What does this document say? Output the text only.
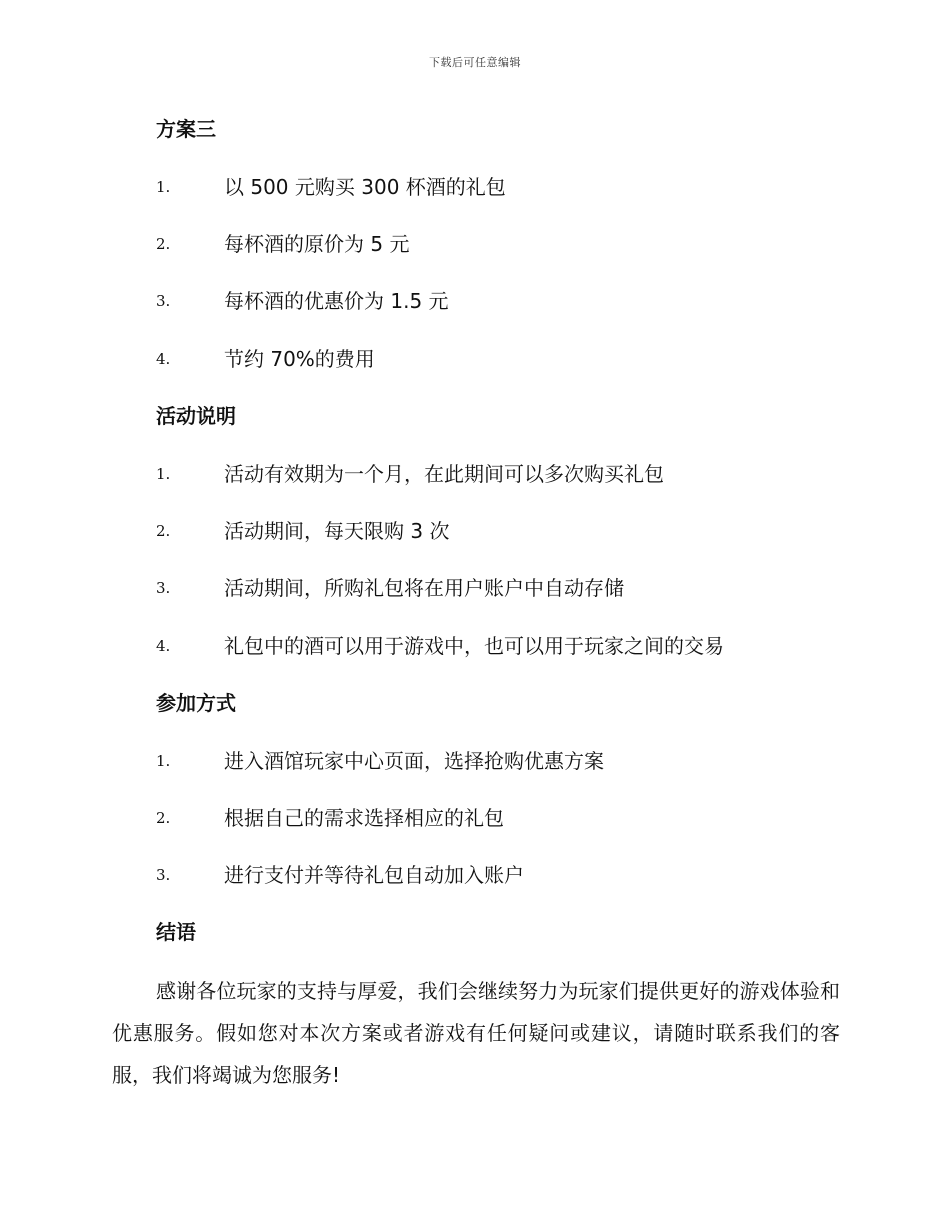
下载后可任意编辑
方案三
1.	以 500 元购买 300 杯酒的礼包
2.	每杯酒的原价为 5 元
3.	每杯酒的优惠价为 1.5 元
4.	节约 70%的费用
活动说明
1.	活动有效期为一个月，在此期间可以多次购买礼包
2.	活动期间，每天限购 3 次
3.	活动期间，所购礼包将在用户账户中自动存储
4.	礼包中的酒可以用于游戏中，也可以用于玩家之间的交易
参加方式
1.	进入酒馆玩家中心页面，选择抢购优惠方案
2.	根据自己的需求选择相应的礼包
3.	进行支付并等待礼包自动加入账户
结语

感谢各位玩家的支持与厚爱，我们会继续努力为玩家们提供更好的游戏体验和优惠服务。假如您对本次方案或者游戏有任何疑问或建议，请随时联系我们的客服，我们将竭诚为您服务!
